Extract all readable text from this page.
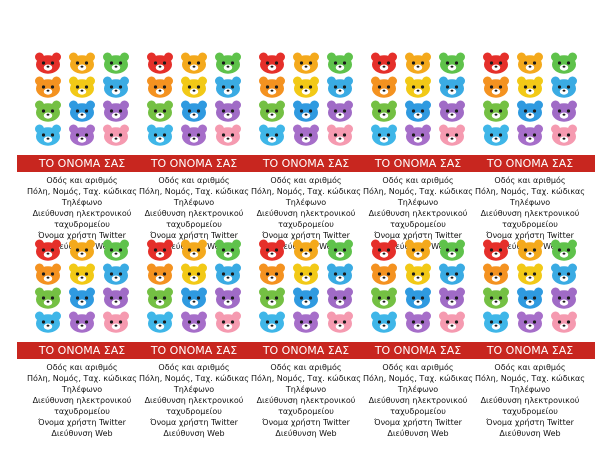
ΤΟ ΟΝΟΜΑ ΣΑΣ
Οδός και αριθμός
Πόλη, Νομός, Ταχ. κώδικας
Τηλέφωνο
Διεύθυνση ηλεκτρονικού
ταχυδρομείου
Όνομα χρήστη Twitter
ΤΟ ΟΝΟΜΑ ΣΑΣ
Οδός και αριθμός
Πόλη, Νομός, Ταχ. κώδικας
Τηλέφωνο
Διεύθυνση ηλεκτρονικού
ταχυδρομείου
Όνομα χρήστη Twitter
ΤΟ ΟΝΟΜΑ ΣΑΣ
Οδός και αριθμός
Πόλη, Νομός, Ταχ. κώδικας
Τηλέφωνο
Διεύθυνση ηλεκτρονικού
ταχυδρομείου
Όνομα χρήστη Twitter
ΤΟ ΟΝΟΜΑ ΣΑΣ
Οδός και αριθμός
Πόλη, Νομός, Ταχ. κώδικας
Τηλέφωνο
Διεύθυνση ηλεκτρονικού
ταχυδρομείου
Όνομα χρήστη Twitter
ΤΟ ΟΝΟΜΑ ΣΑΣ
Οδός και αριθμός
Πόλη, Νομός, Ταχ. κώδικας
Τηλέφωνο
Διεύθυνση ηλεκτρονικού
ταχυδρομείου
Όνομα χρήστη Twitter
ΤΟ ΟΝΟΜΑ ΣΑΣ
Οδός και αριθμός
Πόλη, Νομός, Ταχ. κώδικας
Τηλέφωνο
Διεύθυνση ηλεκτρονικού
ταχυδρομείου
Όνομα χρήστη Twitter
Διεύθυνση Web
ΤΟ ΟΝΟΜΑ ΣΑΣ
Οδός και αριθμός
Πόλη, Νομός, Ταχ. κώδικας
Τηλέφωνο
Διεύθυνση ηλεκτρονικού
ταχυδρομείου
Όνομα χρήστη Twitter
Διεύθυνση Web
ΤΟ ΟΝΟΜΑ ΣΑΣ
Οδός και αριθμός
Πόλη, Νομός, Ταχ. κώδικας
Τηλέφωνο
Διεύθυνση ηλεκτρονικού
ταχυδρομείου
Όνομα χρήστη Twitter
Διεύθυνση Web
ΤΟ ΟΝΟΜΑ ΣΑΣ
Οδός και αριθμός
Πόλη, Νομός, Ταχ. κώδικας
Τηλέφωνο
Διεύθυνση ηλεκτρονικού
ταχυδρομείου
Όνομα χρήστη Twitter
Διεύθυνση Web
ΤΟ ΟΝΟΜΑ ΣΑΣ
Οδός και αριθμός
Πόλη, Νομός, Ταχ. κώδικας
Τηλέφωνο
Διεύθυνση ηλεκτρονικού
ταχυδρομείου
Όνομα χρήστη Twitter
Διεύθυνση Web
